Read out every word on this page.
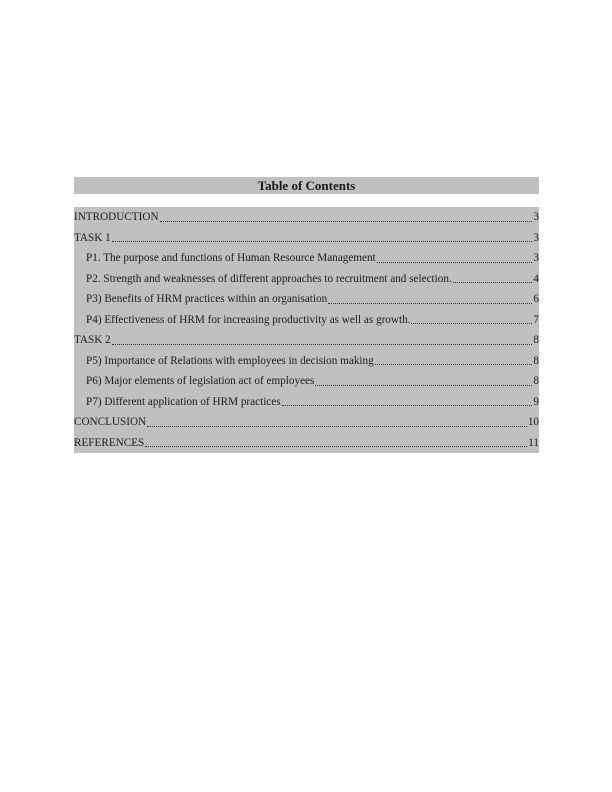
Table of Contents
INTRODUCTION	3
TASK 1	3
P1. The purpose and functions of Human Resource Management	3
P2. Strength and weaknesses of different approaches to recruitment and selection.	4
P3) Benefits of HRM practices within an organisation	6
P4) Effectiveness of HRM for increasing productivity as well as growth.	7
TASK 2	8
P5) Importance of Relations with employees in decision making	8
P6) Major elements of legislation act of employees	8
P7) Different application of HRM practices	9
CONCLUSION	10
REFERENCES	11
